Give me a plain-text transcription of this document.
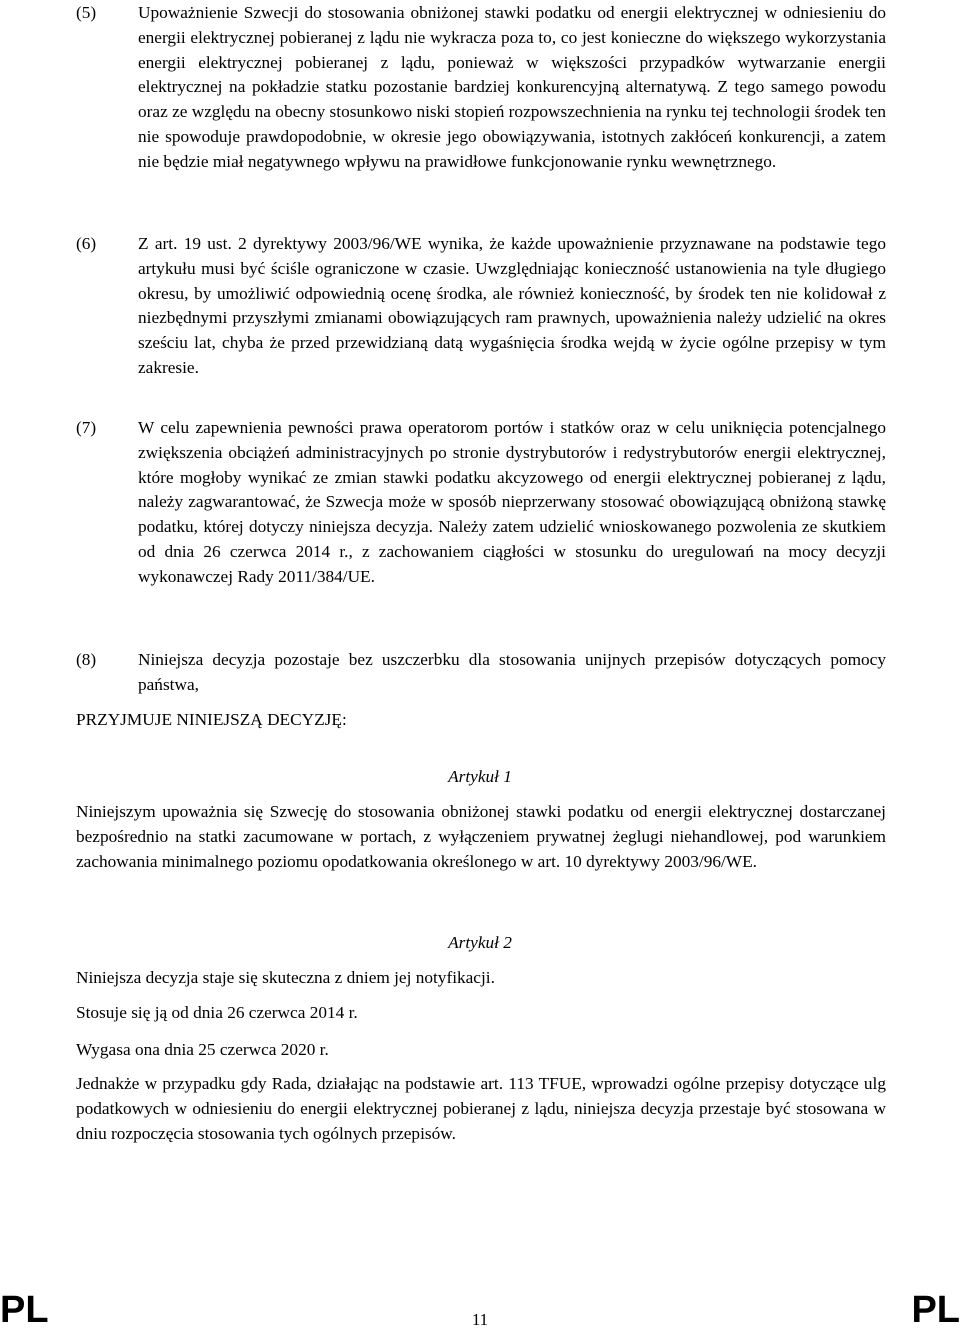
(5)	Upoważnienie Szwecji do stosowania obniżonej stawki podatku od energii elektrycznej w odniesieniu do energii elektrycznej pobieranej z lądu nie wykracza poza to, co jest konieczne do większego wykorzystania energii elektrycznej pobieranej z lądu, ponieważ w większości przypadków wytwarzanie energii elektrycznej na pokładzie statku pozostanie bardziej konkurencyjną alternatywą. Z tego samego powodu oraz ze względu na obecny stosunkowo niski stopień rozpowszechnienia na rynku tej technologii środek ten nie spowoduje prawdopodobnie, w okresie jego obowiązywania, istotnych zakłóceń konkurencji, a zatem nie będzie miał negatywnego wpływu na prawidłowe funkcjonowanie rynku wewnętrznego.
(6)	Z art. 19 ust. 2 dyrektywy 2003/96/WE wynika, że każde upoważnienie przyznawane na podstawie tego artykułu musi być ściśle ograniczone w czasie. Uwzględniając konieczność ustanowienia na tyle długiego okresu, by umożliwić odpowiednią ocenę środka, ale również konieczność, by środek ten nie kolidował z niezbędnymi przyszłymi zmianami obowiązujących ram prawnych, upoważnienia należy udzielić na okres sześciu lat, chyba że przed przewidzianą datą wygaśnięcia środka wejdą w życie ogólne przepisy w tym zakresie.
(7)	W celu zapewnienia pewności prawa operatorom portów i statków oraz w celu uniknięcia potencjalnego zwiększenia obciążeń administracyjnych po stronie dystrybutorów i redystrybutorów energii elektrycznej, które mogłoby wynikać ze zmian stawki podatku akcyzowego od energii elektrycznej pobieranej z lądu, należy zagwarantować, że Szwecja może w sposób nieprzerwany stosować obowiązującą obniżoną stawkę podatku, której dotyczy niniejsza decyzja. Należy zatem udzielić wnioskowanego pozwolenia ze skutkiem od dnia 26 czerwca 2014 r., z zachowaniem ciągłości w stosunku do uregulowań na mocy decyzji wykonawczej Rady 2011/384/UE.
(8)	Niniejsza decyzja pozostaje bez uszczerbku dla stosowania unijnych przepisów dotyczących pomocy państwa,
PRZYJMUJE NINIEJSZĄ DECYZJĘ:
Artykuł 1
Niniejszym upoważnia się Szwecję do stosowania obniżonej stawki podatku od energii elektrycznej dostarczanej bezpośrednio na statki zacumowane w portach, z wyłączeniem prywatnej żeglugi niehandlowej, pod warunkiem zachowania minimalnego poziomu opodatkowania określonego w art. 10 dyrektywy 2003/96/WE.
Artykuł 2
Niniejsza decyzja staje się skuteczna z dniem jej notyfikacji.
Stosuje się ją od dnia 26 czerwca 2014 r.
Wygasa ona dnia 25 czerwca 2020 r.
Jednakże w przypadku gdy Rada, działając na podstawie art. 113 TFUE, wprowadzi ogólne przepisy dotyczące ulg podatkowych w odniesieniu do energii elektrycznej pobieranej z lądu, niniejsza decyzja przestaje być stosowana w dniu rozpoczęcia stosowania tych ogólnych przepisów.
PL	11	PL
